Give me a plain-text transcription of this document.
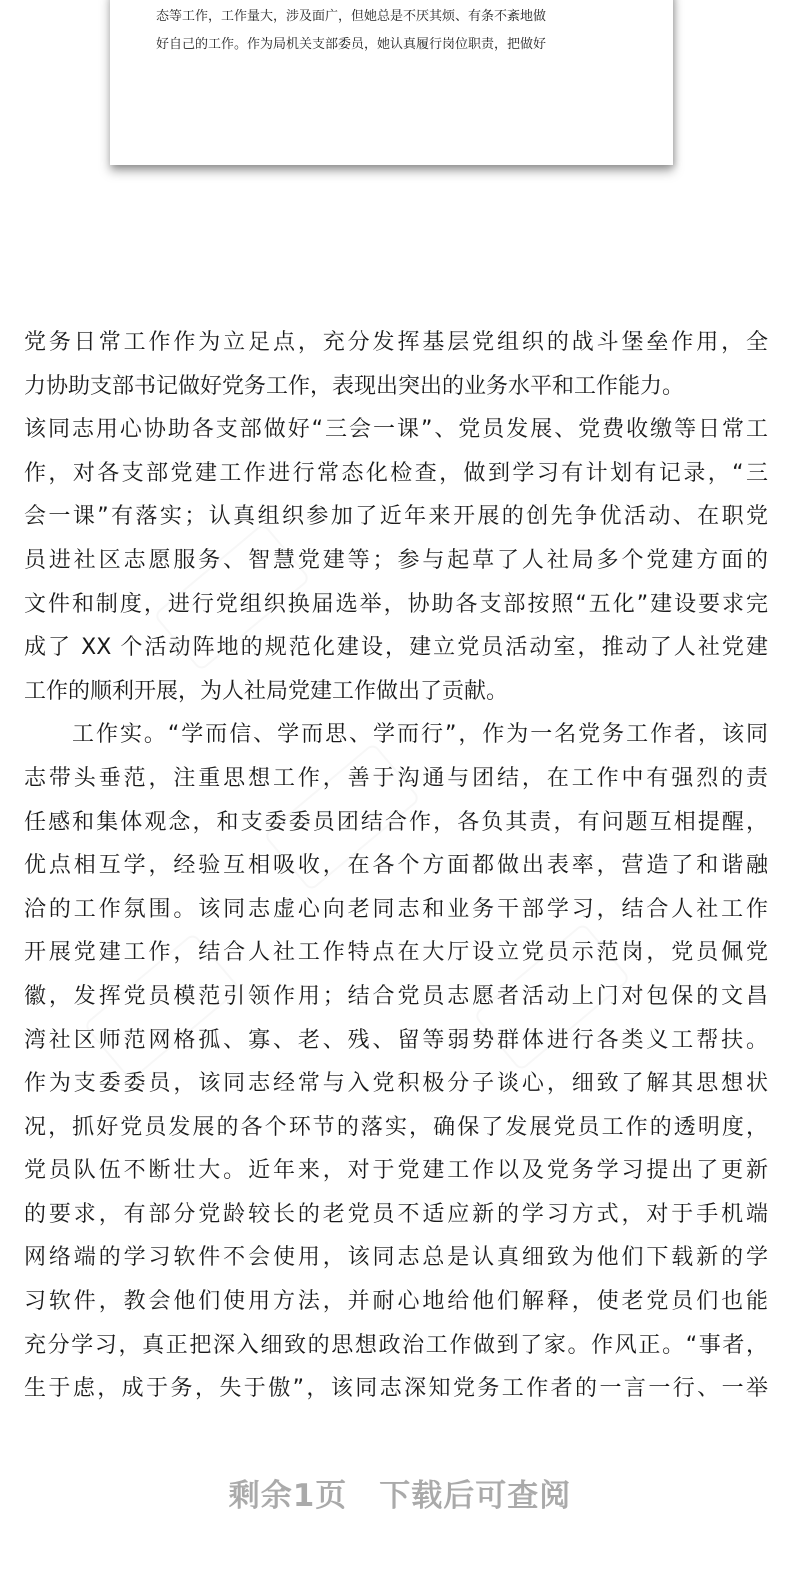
态等工作，工作量大，涉及面广，但她总是不厌其烦、有条不紊地做
好自己的工作。作为局机关支部委员，她认真履行岗位职责，把做好
党务日常工作作为立足点，充分发挥基层党组织的战斗堡垒作用，全
力协助支部书记做好党务工作，表现出突出的业务水平和工作能力。
该同志用心协助各支部做好“三会一课”、党员发展、党费收缴等日常工
作，对各支部党建工作进行常态化检查，做到学习有计划有记录，“三
会一课”有落实；认真组织参加了近年来开展的创先争优活动、在职党
员进社区志愿服务、智慧党建等；参与起草了人社局多个党建方面的
文件和制度，进行党组织换届选举，协助各支部按照“五化”建设要求完
成了 XX 个活动阵地的规范化建设，建立党员活动室，推动了人社党建
工作的顺利开展，为人社局党建工作做出了贡献。
工作实。“学而信、学而思、学而行”，作为一名党务工作者，该同
志带头垂范，注重思想工作，善于沟通与团结，在工作中有强烈的责
任感和集体观念，和支委委员团结合作，各负其责，有问题互相提醒，
优点相互学，经验互相吸收，在各个方面都做出表率，营造了和谐融
洽的工作氛围。该同志虚心向老同志和业务干部学习，结合人社工作
开展党建工作，结合人社工作特点在大厅设立党员示范岗，党员佩党
徽，发挥党员模范引领作用；结合党员志愿者活动上门对包保的文昌
湾社区师范网格孤、寡、老、残、留等弱势群体进行各类义工帮扶。
作为支委委员，该同志经常与入党积极分子谈心，细致了解其思想状
况，抓好党员发展的各个环节的落实，确保了发展党员工作的透明度，
党员队伍不断壮大。近年来，对于党建工作以及党务学习提出了更新
的要求，有部分党龄较长的老党员不适应新的学习方式，对于手机端
网络端的学习软件不会使用，该同志总是认真细致为他们下载新的学
习软件，教会他们使用方法，并耐心地给他们解释，使老党员们也能
充分学习，真正把深入细致的思想政治工作做到了家。作风正。“事者，
生于虑，成于务，失于傲”，该同志深知党务工作者的一言一行、一举
剩余1页　下载后可查阅
